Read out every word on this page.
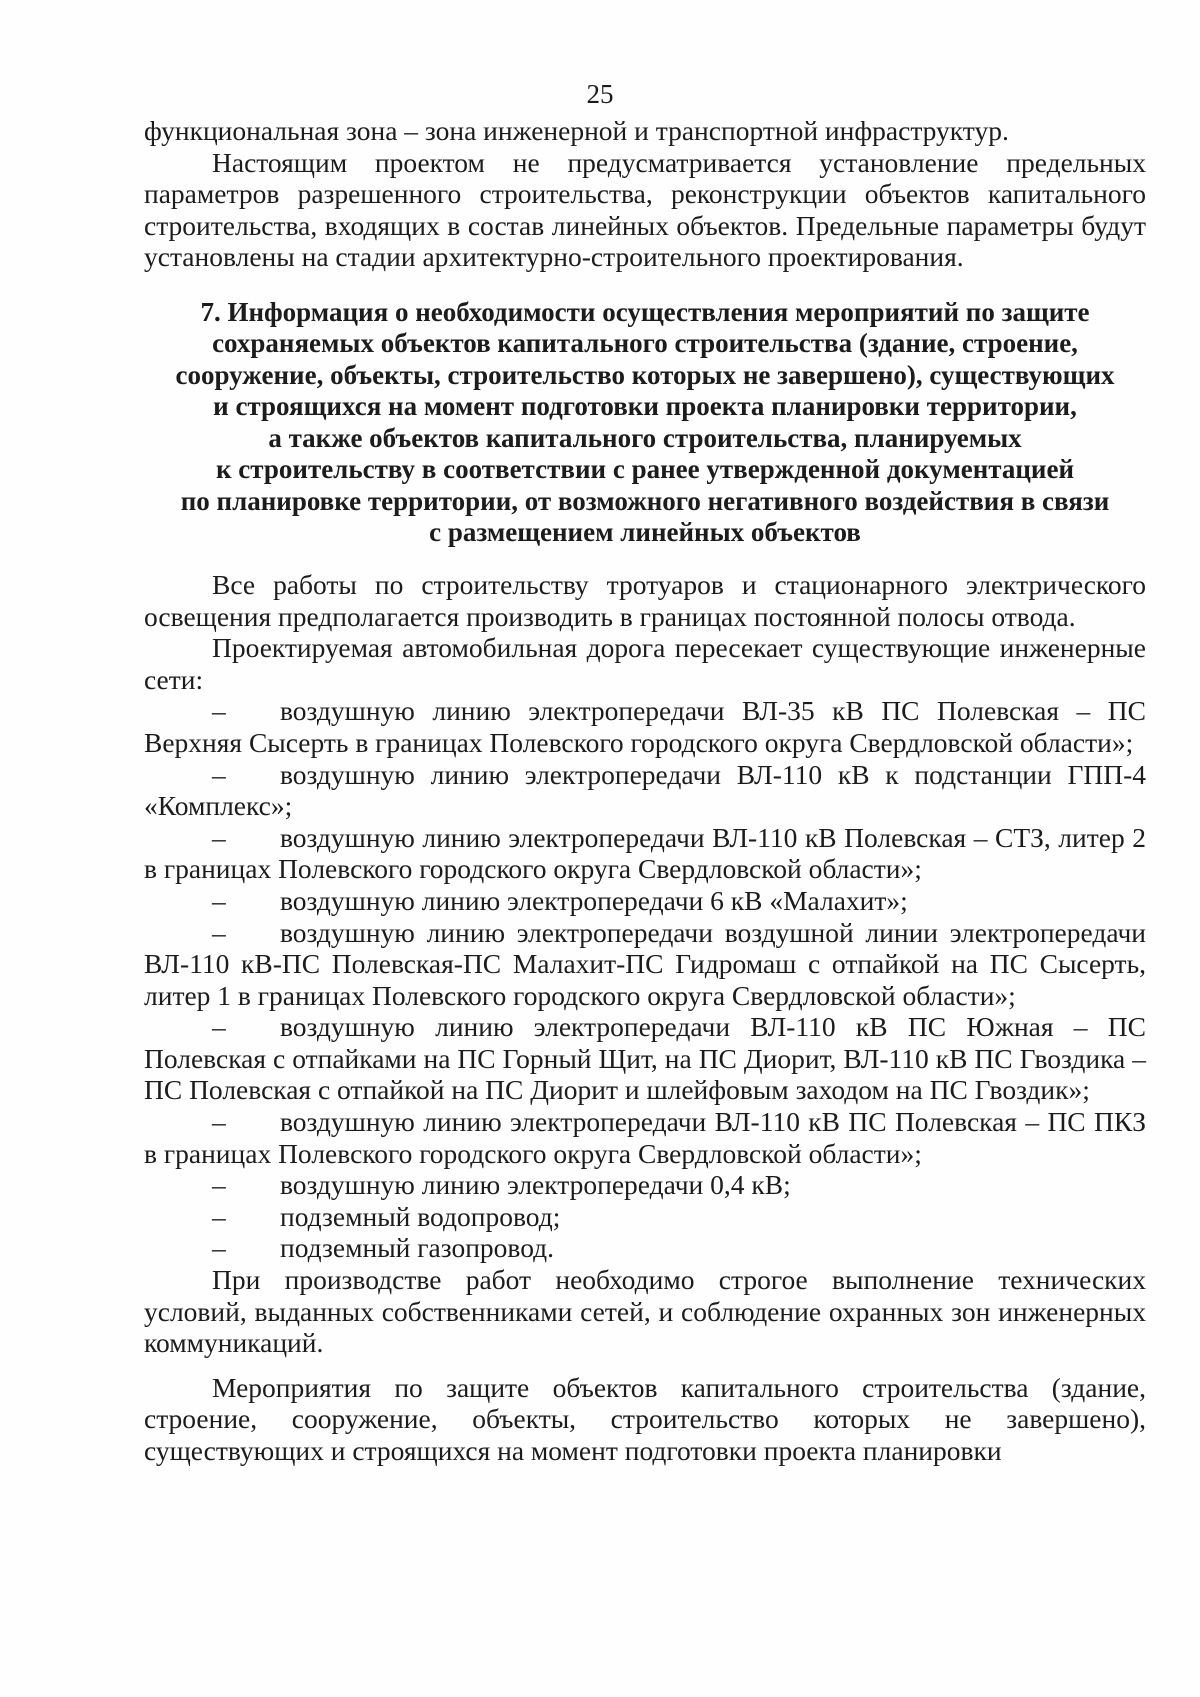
25

функциональная зона – зона инженерной и транспортной инфраструктур.

Настоящим проектом не предусматривается установление предельных параметров разрешенного строительства, реконструкции объектов капитального строительства, входящих в состав линейных объектов. Предельные параметры будут установлены на стадии архитектурно-строительного проектирования.

7. Информация о необходимости осуществления мероприятий по защите
сохраняемых объектов капитального строительства (здание, строение,
сооружение, объекты, строительство которых не завершено), существующих
и строящихся на момент подготовки проекта планировки территории,
а также объектов капитального строительства, планируемых
к строительству в соответствии с ранее утвержденной документацией
по планировке территории, от возможного негативного воздействия в связи
с размещением линейных объектов

Все работы по строительству тротуаров и стационарного электрического освещения предполагается производить в границах постоянной полосы отвода.

Проектируемая автомобильная дорога пересекает существующие инженерные сети:

– воздушную линию электропередачи ВЛ-35 кВ ПС Полевская – ПС Верхняя Сысерть в границах Полевского городского округа Свердловской области»;

– воздушную линию электропередачи ВЛ-110 кВ к подстанции ГПП-4 «Комплекс»;

– воздушную линию электропередачи ВЛ-110 кВ Полевская – СТЗ, литер 2 в границах Полевского городского округа Свердловской области»;

– воздушную линию электропередачи 6 кВ «Малахит»;

– воздушную линию электропередачи воздушной линии электропередачи ВЛ-110 кВ-ПС Полевская-ПС Малахит-ПС Гидромаш с отпайкой на ПС Сысерть, литер 1 в границах Полевского городского округа Свердловской области»;

– воздушную линию электропередачи ВЛ-110 кВ ПС Южная – ПС Полевская с отпайками на ПС Горный Щит, на ПС Диорит, ВЛ-110 кВ ПС Гвоздика – ПС Полевская с отпайкой на ПС Диорит и шлейфовым заходом на ПС Гвоздик»;

– воздушную линию электропередачи ВЛ-110 кВ ПС Полевская – ПС ПКЗ в границах Полевского городского округа Свердловской области»;

– воздушную линию электропередачи 0,4 кВ;

– подземный водопровод;

– подземный газопровод.

При производстве работ необходимо строгое выполнение технических условий, выданных собственниками сетей, и соблюдение охранных зон инженерных коммуникаций.

Мероприятия по защите объектов капитального строительства (здание, строение, сооружение, объекты, строительство которых не завершено), существующих и строящихся на момент подготовки проекта планировки
